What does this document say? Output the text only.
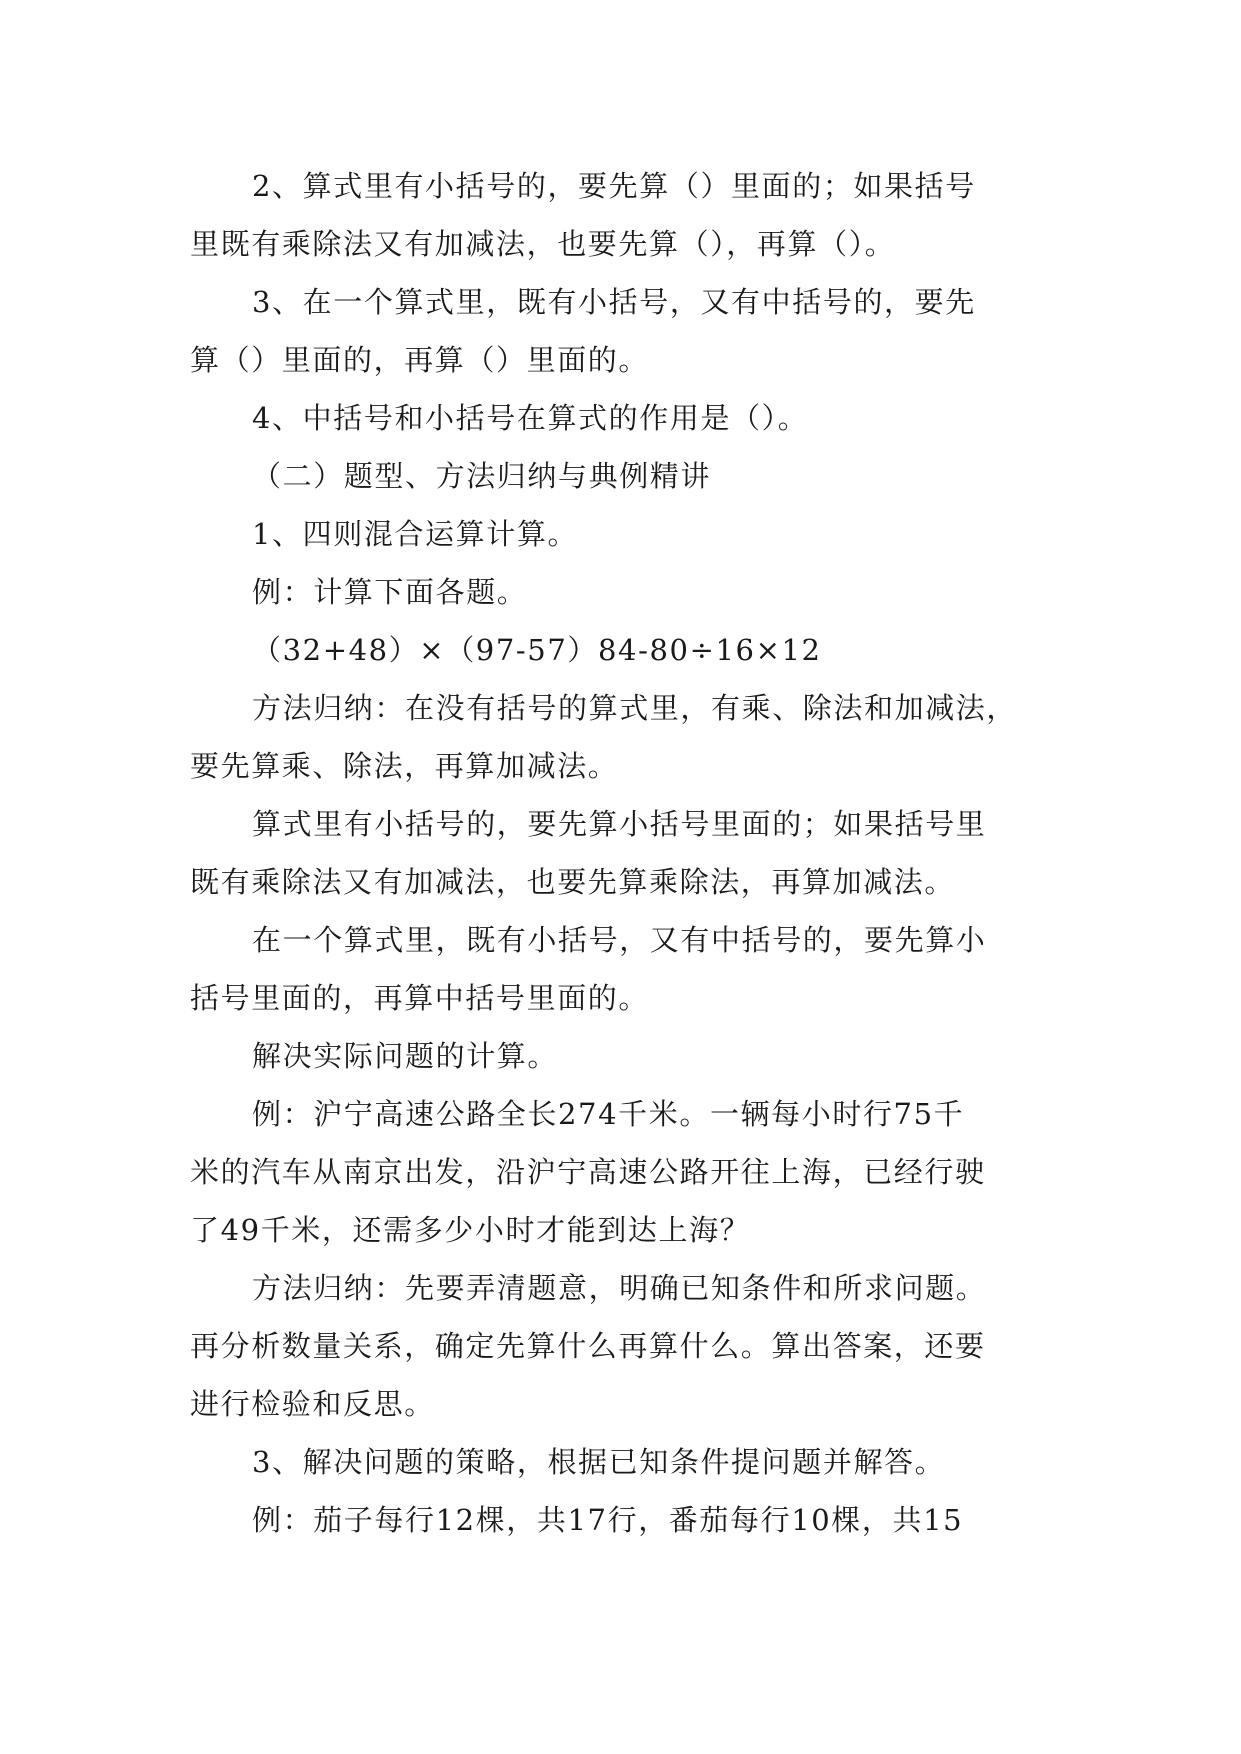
2、算式里有小括号的，要先算（）里面的；如果括号
里既有乘除法又有加减法，也要先算（），再算（）。
3、在一个算式里，既有小括号，又有中括号的，要先
算（）里面的，再算（）里面的。
4、中括号和小括号在算式的作用是（）。
（二）题型、方法归纳与典例精讲
1、四则混合运算计算。
例：计算下面各题。
（32+48）×（97-57）84-80÷16×12
方法归纳：在没有括号的算式里，有乘、除法和加减法，
要先算乘、除法，再算加减法。
算式里有小括号的，要先算小括号里面的；如果括号里
既有乘除法又有加减法，也要先算乘除法，再算加减法。
在一个算式里，既有小括号，又有中括号的，要先算小
括号里面的，再算中括号里面的。
解决实际问题的计算。
例：沪宁高速公路全长274千米。一辆每小时行75千
米的汽车从南京出发，沿沪宁高速公路开往上海，已经行驶
了49千米，还需多少小时才能到达上海？
方法归纳：先要弄清题意，明确已知条件和所求问题。
再分析数量关系，确定先算什么再算什么。算出答案，还要
进行检验和反思。
3、解决问题的策略，根据已知条件提问题并解答。
例：茄子每行12棵，共17行，番茄每行10棵，共15
